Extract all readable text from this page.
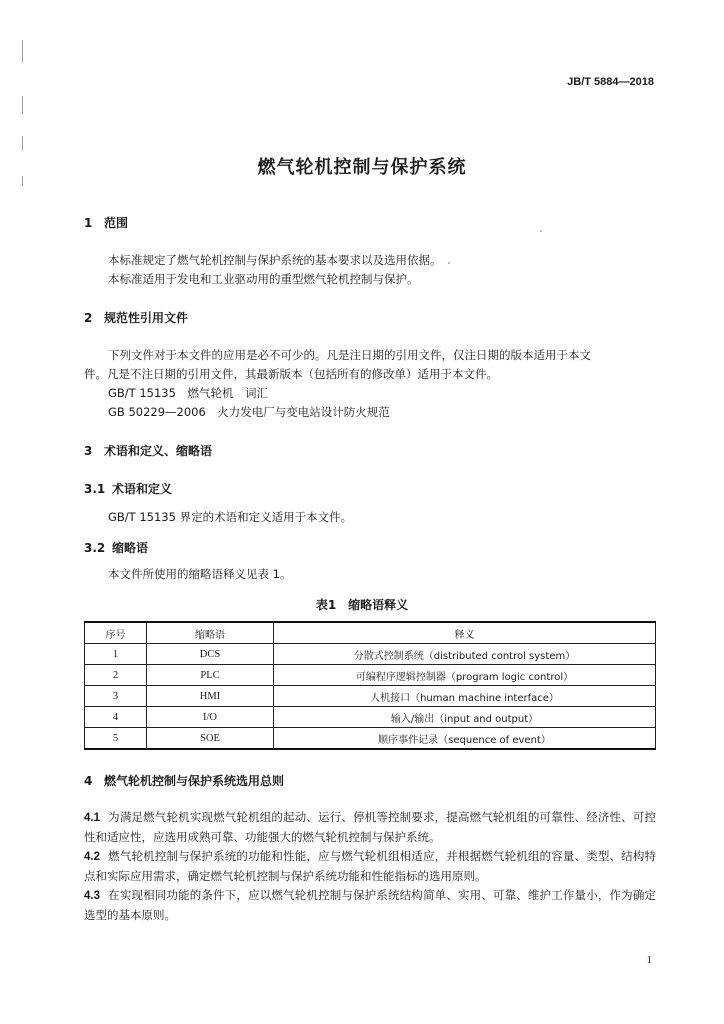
JB/T 5884—2018
燃气轮机控制与保护系统
1 范围
本标准规定了燃气轮机控制与保护系统的基本要求以及选用依据。
本标准适用于发电和工业驱动用的重型燃气轮机控制与保护。
2 规范性引用文件
下列文件对于本文件的应用是必不可少的。凡是注日期的引用文件，仅注日期的版本适用于本文
件。凡是不注日期的引用文件，其最新版本（包括所有的修改单）适用于本文件。
GB/T 15135　燃气轮机　词汇
GB 50229—2006　火力发电厂与变电站设计防火规范
3 术语和定义、缩略语
3.1 术语和定义
GB/T 15135 界定的术语和定义适用于本文件。
3.2 缩略语
本文件所使用的缩略语释义见表 1。
表1　缩略语释义
序号	缩略语	释义
1	DCS	分散式控制系统（distributed control system）
2	PLC	可编程序逻辑控制器（program logic control）
3	HMI	人机接口（human machine interface）
4	I/O	输入/输出（input and output）
5	SOE	顺序事件记录（sequence of event）
4 燃气轮机控制与保护系统选用总则
4.1 为满足燃气轮机实现燃气轮机组的起动、运行、停机等控制要求，提高燃气轮机组的可靠性、经济性、可控性和适应性，应选用成熟可靠、功能强大的燃气轮机控制与保护系统。
4.2 燃气轮机控制与保护系统的功能和性能，应与燃气轮机组相适应，并根据燃气轮机组的容量、类型、结构特点和实际应用需求，确定燃气轮机控制与保护系统功能和性能指标的选用原则。
4.3 在实现相同功能的条件下，应以燃气轮机控制与保护系统结构简单、实用、可靠、维护工作量小，作为确定选型的基本原则。
1
